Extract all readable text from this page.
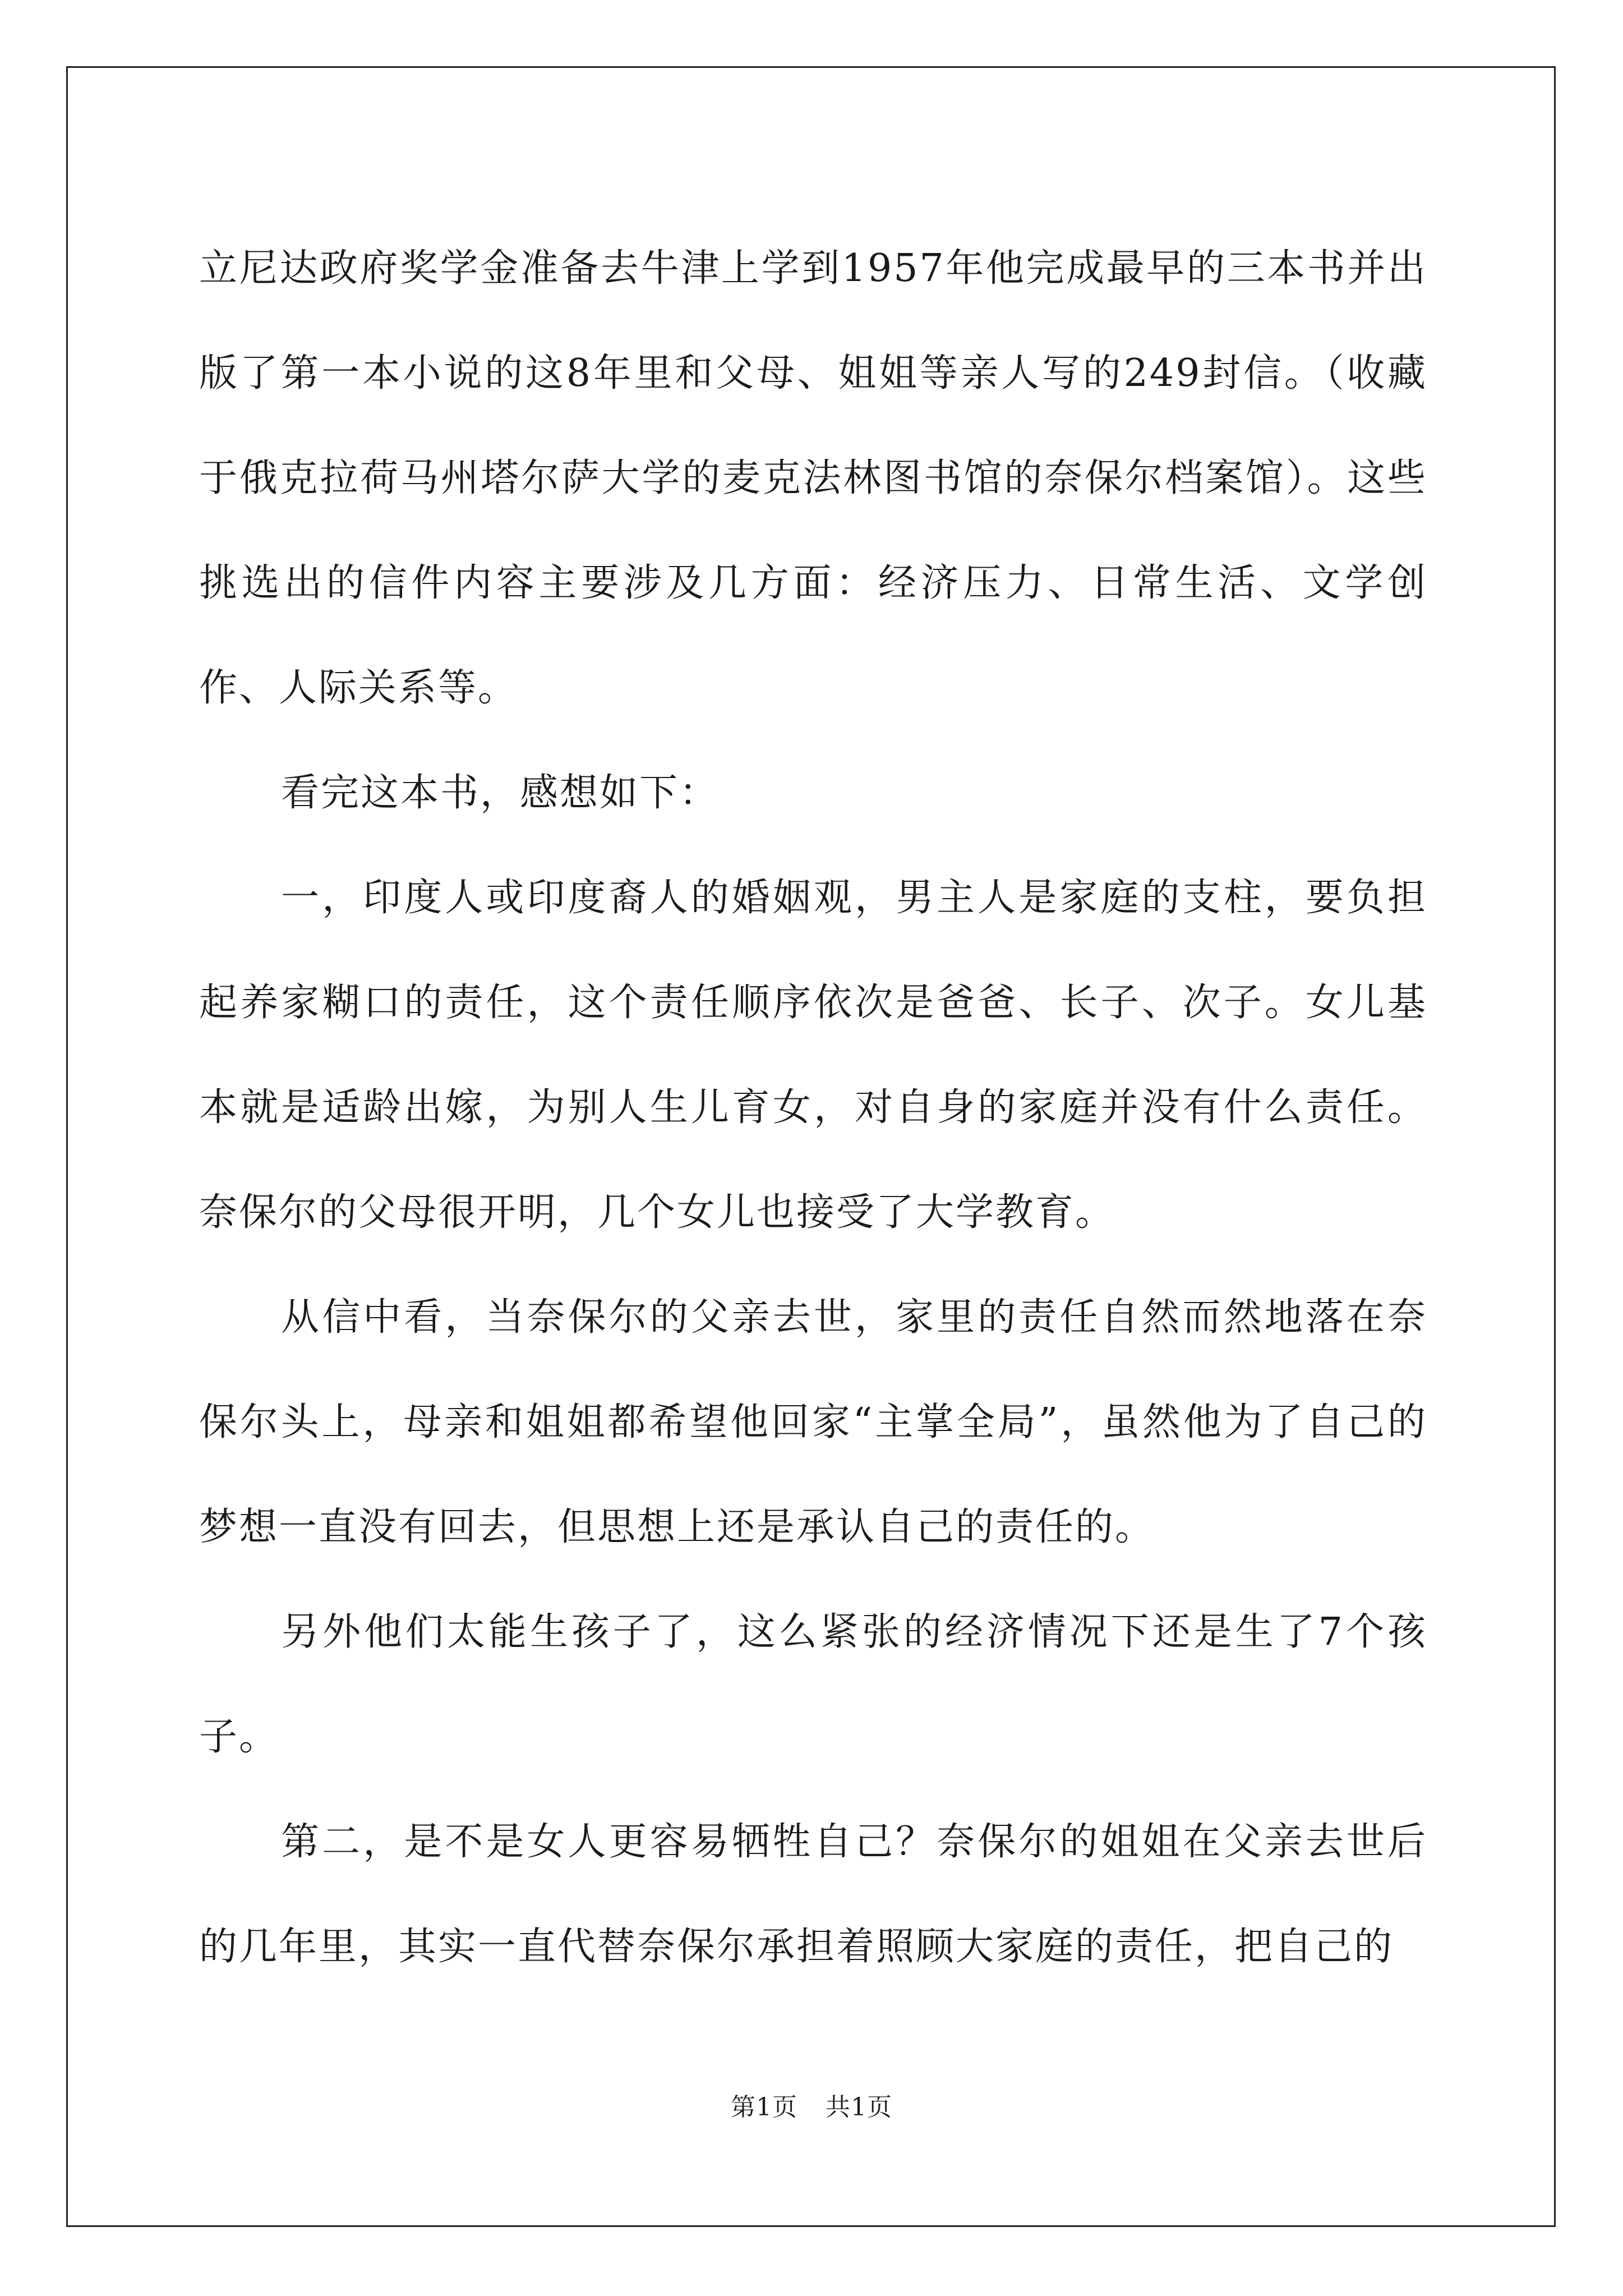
立尼达政府奖学金准备去牛津上学到1957年他完成最早的三本书并出版了第一本小说的这8年里和父母、姐姐等亲人写的249封信。（收藏于俄克拉荷马州塔尔萨大学的麦克法林图书馆的奈保尔档案馆）。这些挑选出的信件内容主要涉及几方面：经济压力、日常生活、文学创作、人际关系等。

看完这本书，感想如下：

一，印度人或印度裔人的婚姻观，男主人是家庭的支柱，要负担起养家糊口的责任，这个责任顺序依次是爸爸、长子、次子。女儿基本就是适龄出嫁，为别人生儿育女，对自身的家庭并没有什么责任。奈保尔的父母很开明，几个女儿也接受了大学教育。

从信中看，当奈保尔的父亲去世，家里的责任自然而然地落在奈保尔头上，母亲和姐姐都希望他回家“主掌全局”，虽然他为了自己的梦想一直没有回去，但思想上还是承认自己的责任的。

另外他们太能生孩子了，这么紧张的经济情况下还是生了7个孩子。

第二，是不是女人更容易牺牲自己？奈保尔的姐姐在父亲去世后的几年里，其实一直代替奈保尔承担着照顾大家庭的责任，把自己的

第1页 共1页
